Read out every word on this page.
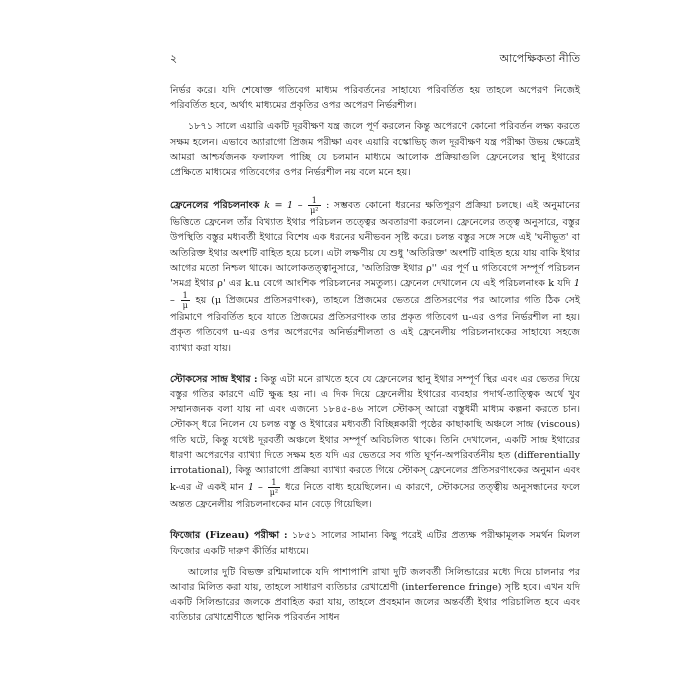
২	আপেক্ষিকতা নীতি

নির্ভর করে। যদি শেষোক্ত গতিবেগ মাধ্যম পরিবর্তনের সাহায্যে পরিবর্তিত হয় তাহলে অপেরণ নিজেই পরিবর্তিত হবে, অর্থাৎ মাধ্যমের প্রকৃতির ওপর অপেরণ নির্ভরশীল।

১৮৭১ সালে এয়ারি একটি দূরবীক্ষণ যন্ত্র জলে পূর্ণ করলেন কিন্তু অপেরণে কোনো পরিবর্তন লক্ষ্য করতে সক্ষম হলেন। এভাবে অ্যারাগো প্রিজম পরীক্ষা এবং এয়ারি বস্কোভিচ্ জল দূরবীক্ষণ যন্ত্র পরীক্ষা উভয় ক্ষেত্রেই আমরা আশ্চর্যজনক ফলাফল পাচ্ছি যে চলমান মাধ্যমে আলোক প্রক্রিয়াগুলি ফ্রেনেলের স্থানু ইথারের প্রেক্ষিতে মাধ্যমের গতিবেগের ওপর নির্ভরশীল নয় বলে মনে হয়।

ফ্রেনেলের পরিচলনাংক $k = 1 - \frac{1}{\text{μ²}}$ : সম্ভবত কোনো ধরনের ক্ষতিপূরণ প্রক্রিয়া চলছে। এই অনুমানের ভিত্তিতে ফ্রেনেল তাঁর বিখ্যাত ইথার পরিচলন তত্ত্বের অবতারণা করলেন। ফ্রেনেলের তত্ত্ব অনুসারে, বস্তুর উপস্থিতি বস্তুর মধ্যবর্তী ইথারে বিশেষ এক ধরনের ঘনীভবন সৃষ্টি করে। চলন্ত বস্তুর সঙ্গে সঙ্গে এই 'ঘনীভূত' বা অতিরিক্ত ইথার অংশটি বাহিত হয়ে চলে। এটা লক্ষণীয় যে শুধু 'অতিরিক্ত' অংশটি বাহিত হয়ে যায় বাকি ইথার আগের মতো নিশ্চল থাকে। আলোকতত্ত্বানুসারে, 'অতিরিক্ত ইথার ρ'' এর পূর্ণ u গতিবেগে সম্পূর্ণ পরিচলন 'সমগ্র ইথার ρ' এর k.u বেগে আংশিক পরিচলনের সমতুল্য। ফ্রেনেল দেখালেন যে এই পরিচলনাংক k যদি $1 - \frac{1}{\mu}$ হয় (μ প্রিজমের প্রতিসরণাংক), তাহলে প্রিজমের ভেতরে প্রতিসরণের পর আলোর গতি ঠিক সেই পরিমাণে পরিবর্তিত হবে যাতে প্রিজমের প্রতিসরণাংক তার প্রকৃত গতিবেগ u-এর ওপর নির্ভরশীল না হয়। প্রকৃত গতিবেগ u-এর ওপর অপেরণের অনির্ভরশীলতা ও এই ফ্রেনেলীয় পরিচলনাংকের সাহায্যে সহজে ব্যাখ্যা করা যায়।

স্টোকসের সান্দ্র ইথার : কিন্তু এটা মনে রাখতে হবে যে ফ্রেনেলের স্থানু ইথার সম্পূর্ণ স্থির এবং এর ভেতর দিয়ে বস্তুর গতির কারণে এটি ক্ষুব্ধ হয় না। এ দিক দিয়ে ফ্রেনেলীয় ইথারের ব্যবহার পদার্থ-তাত্ত্বিক অর্থে খুব সম্মানজনক বলা যায় না এবং এজন্যে ১৮৪৫-৪৬ সালে স্টোকস্ আরো বস্তুধর্মী মাধ্যম কল্পনা করতে চান। স্টোকস্ ধরে নিলেন যে চলন্ত বস্তু ও ইথারের মধ্যবর্তী বিচ্ছিন্নকারী পৃষ্ঠের কাছাকাছি অঞ্চলে সান্দ্র (viscous) গতি ঘটে, কিন্তু যথেষ্ট দূরবর্তী অঞ্চলে ইথার সম্পূর্ণ অবিচলিত থাকে। তিনি দেখালেন, একটি সান্দ্র ইথারের ধারণা অপেরণের ব্যাখ্যা দিতে সক্ষম হত যদি এর ভেতরে সব গতি ঘূর্ণন-অপরিবর্তনীয় হত (differentially irrotational), কিন্তু অ্যারাগো প্রক্রিয়া ব্যাখ্যা করতে গিয়ে স্টোকস্ ফ্রেনেলের প্রতিসরণাংকের অনুমান এবং k-এর ঐ একই মান $1 - \frac{1}{\text{μ²}}$ ধরে নিতে বাধ্য হয়েছিলেন। এ কারণে, স্টোকসের তত্ত্বীয় অনুসন্ধানের ফলে অন্তত ফ্রেনেলীয় পরিচলনাংকের মান বেড়ে গিয়েছিল।

ফিজোর (Fizeau) পরীক্ষা : ১৮৫১ সালের সামান্য কিছু পরেই এটির প্রত্যক্ষ পরীক্ষামূলক সমর্থন মিলল ফিজোর একটি দারুণ কীর্তির মাধ্যমে।

আলোর দুটি বিভক্ত রশ্মিমালাকে যদি পাশাপাশি রাখা দুটি জলবর্তী সিলিন্ডারের মধ্যে দিয়ে চালনার পর আবার মিলিত করা যায়, তাহলে সাধারণ ব্যতিচার রেখাশ্রেণী (interference fringe) সৃষ্টি হবে। এখন যদি একটি সিলিন্ডারের জলকে প্রবাহিত করা যায়, তাহলে প্রবহমান জলের অন্তর্বর্তী ইথার পরিচালিত হবে এবং ব্যতিচার রেখাশ্রেণীতে স্থানিক পরিবর্তন সাধন
